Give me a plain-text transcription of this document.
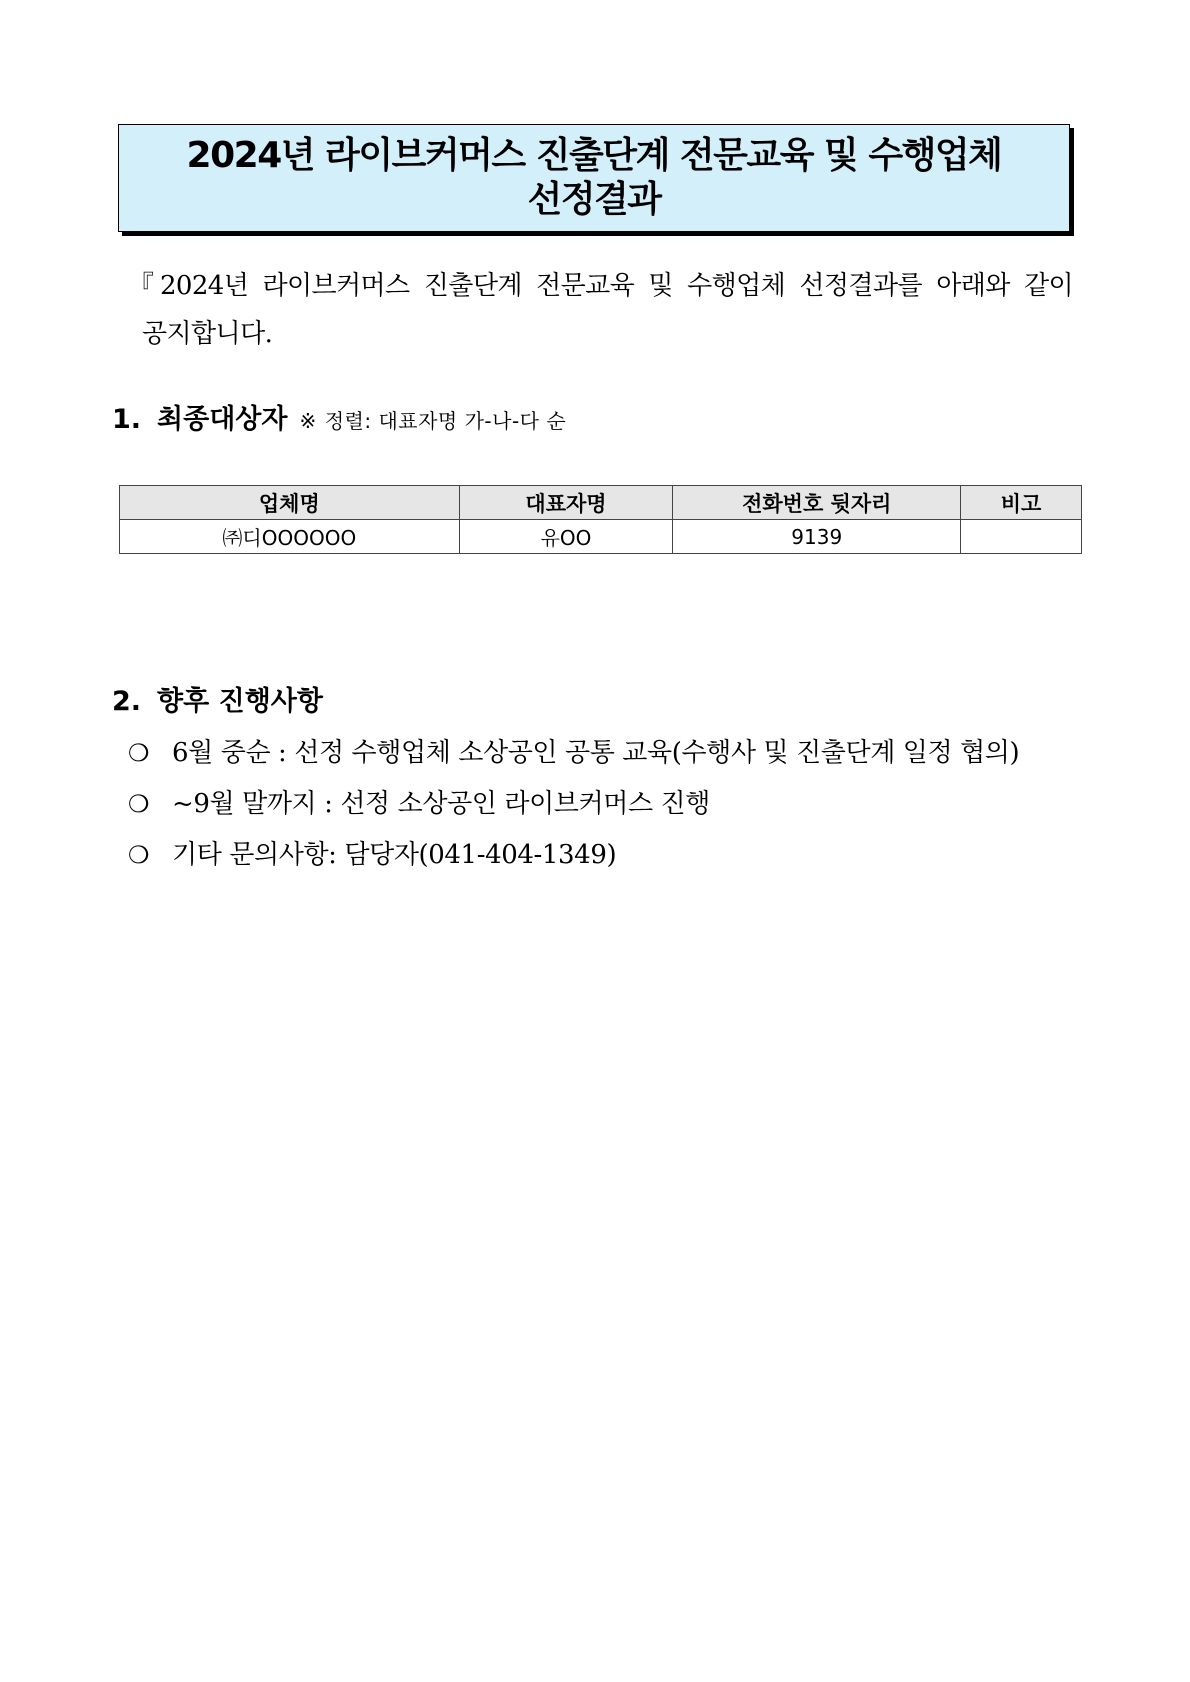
2024년 라이브커머스 진출단계 전문교육 및 수행업체
선정결과
『2024년 라이브커머스 진출단계 전문교육 및 수행업체 선정결과를 아래와 같이
공지합니다.
1. 최종대상자 ※ 정렬: 대표자명 가-나-다 순
업체명	대표자명	전화번호 뒷자리	비고
㈜디OOOOOO	유OO	9139	
2. 향후 진행사항
❍ 6월 중순 : 선정 수행업체 소상공인 공통 교육(수행사 및 진출단계 일정 협의)
❍ ~9월 말까지 : 선정 소상공인 라이브커머스 진행
❍ 기타 문의사항: 담당자(041-404-1349)
